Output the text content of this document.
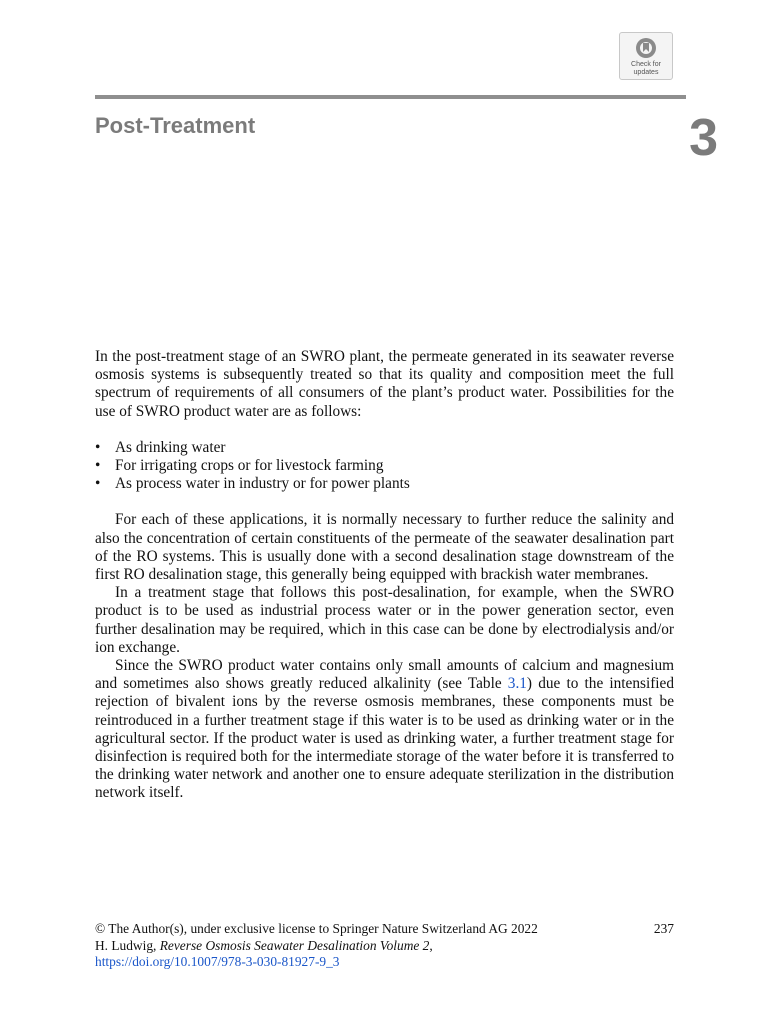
Check for
updates
Post-Treatment	3

In the post-treatment stage of an SWRO plant, the permeate generated in its seawater reverse osmosis systems is subsequently treated so that its quality and composition meet the full spectrum of requirements of all consumers of the plant’s product water. Possibilities for the use of SWRO product water are as follows:

• As drinking water
• For irrigating crops or for livestock farming
• As process water in industry or for power plants

For each of these applications, it is normally necessary to further reduce the salinity and also the concentration of certain constituents of the permeate of the seawater desalination part of the RO systems. This is usually done with a second desalination stage downstream of the first RO desalination stage, this generally being equipped with brackish water membranes.

In a treatment stage that follows this post-desalination, for example, when the SWRO product is to be used as industrial process water or in the power generation sector, even further desalination may be required, which in this case can be done by electrodialysis and/or ion exchange.

Since the SWRO product water contains only small amounts of calcium and magnesium and sometimes also shows greatly reduced alkalinity (see Table 3.1) due to the intensified rejection of bivalent ions by the reverse osmosis membranes, these components must be reintroduced in a further treatment stage if this water is to be used as drinking water or in the agricultural sector. If the product water is used as drinking water, a further treatment stage for disinfection is required both for the intermediate storage of the water before it is transferred to the drinking water network and another one to ensure adequate sterilization in the distribution network itself.

© The Author(s), under exclusive license to Springer Nature Switzerland AG 2022	237
H. Ludwig, Reverse Osmosis Seawater Desalination Volume 2,
https://doi.org/10.1007/978-3-030-81927-9_3
